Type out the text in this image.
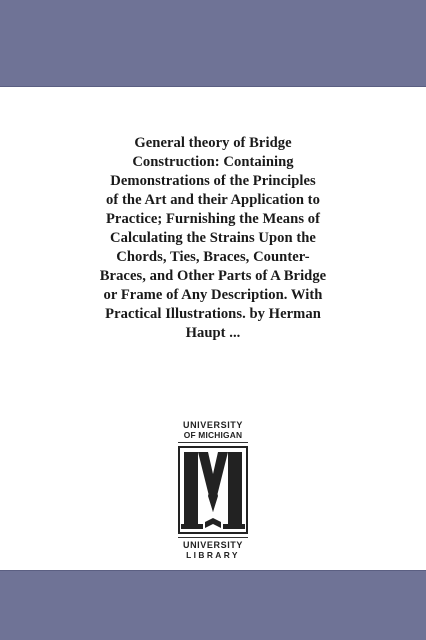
General theory of Bridge
Construction: Containing
Demonstrations of the Principles
of the Art and their Application to
Practice; Furnishing the Means of
Calculating the Strains Upon the
Chords, Ties, Braces, Counter-
Braces, and Other Parts of A Bridge
or Frame of Any Description. With
Practical Illustrations. by Herman
Haupt ...

UNIVERSITY
OF MICHIGAN
UNIVERSITY
LIBRARY
